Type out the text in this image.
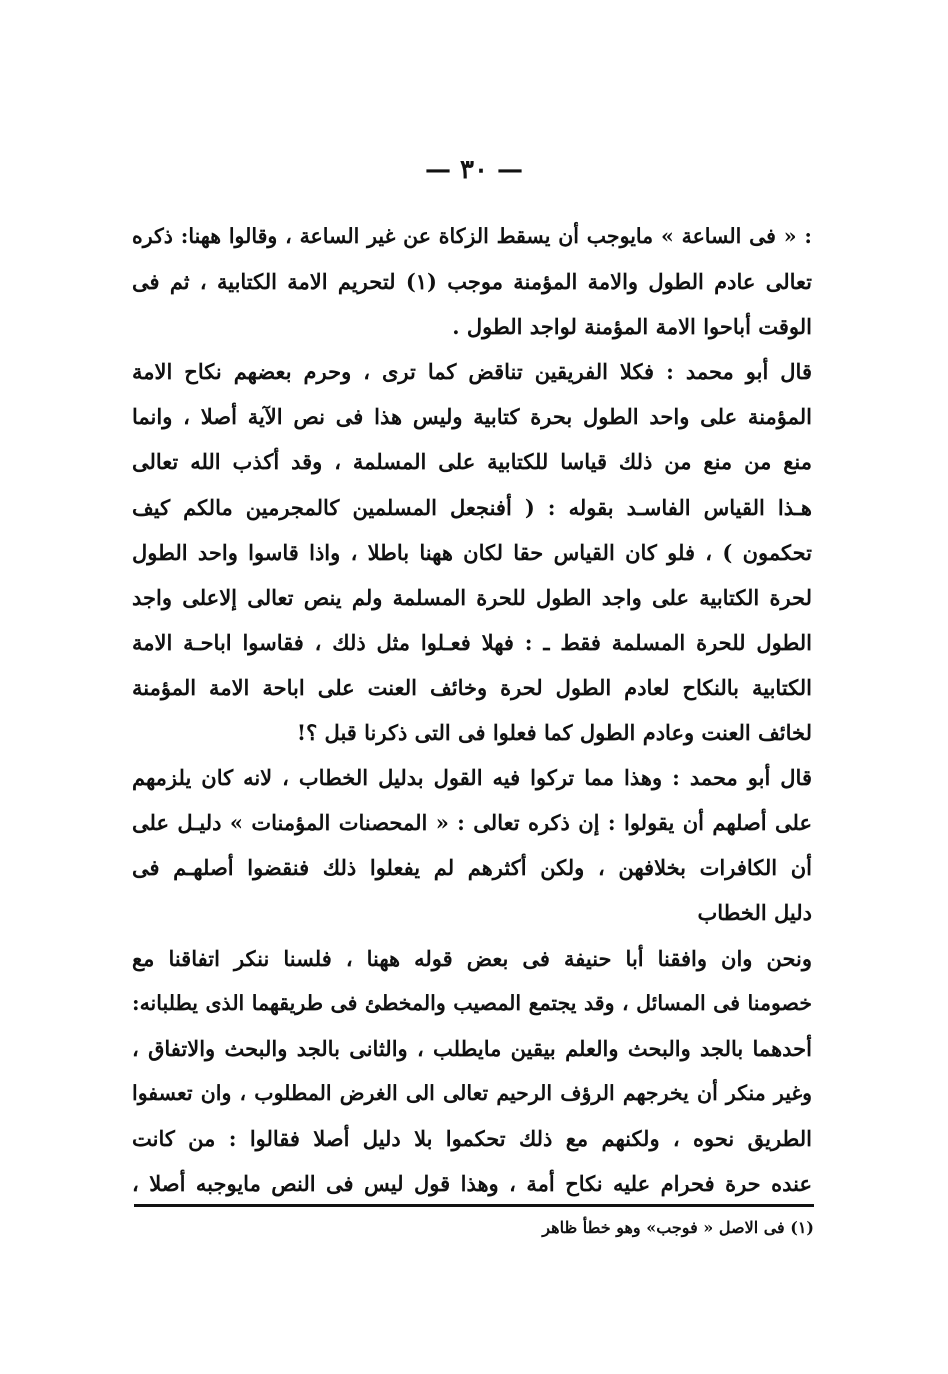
— ٣٠ —
: « فى الساعة » مايوجب أن يسقط الزكاة عن غير الساعة ، وقالوا ههنا: ذكره
تعالى عادم الطول والامة المؤمنة موجب (١) لتحريم الامة الكتابية ، ثم فى
الوقت أباحوا الامة المؤمنة لواجد الطول .
قال أبو محمد : فكلا الفريقين تناقض كما ترى ، وحرم بعضهم نكاح الامة
المؤمنة على واحد الطول بحرة كتابية وليس هذا فى نص الآية أصلا ، وانما
منع من منع من ذلك قياسا للكتابية على المسلمة ، وقد أكذب الله تعالى
هـذا القياس الفاسـد بقوله : ( أفنجعل المسلمين كالمجرمين مالكم كيف
تحكمون ) ، فلو كان القياس حقا لكان ههنا باطلا ، واذا قاسوا واحد الطول
لحرة الكتابية على واجد الطول للحرة المسلمة ولم ينص تعالى إلاعلى واجد
الطول للحرة المسلمة فقط ـ : فهلا فعـلوا مثل ذلك ، فقاسوا اباحـة الامة
الكتابية بالنكاح لعادم الطول لحرة وخائف العنت على اباحة الامة المؤمنة
لخائف العنت وعادم الطول كما فعلوا فى التى ذكرنا قبل ؟!
قال أبو محمد : وهذا مما تركوا فيه القول بدليل الخطاب ، لانه كان يلزمهم
على أصلهم أن يقولوا : إن ذكره تعالى : « المحصنات المؤمنات » دليـل على
أن الكافرات بخلافهن ، ولكن أكثرهم لم يفعلوا ذلك فنقضوا أصلهـم فى
دليل الخطاب
ونحن وان وافقنا أبا حنيفة فى بعض قوله ههنا ، فلسنا ننكر اتفاقنا مع
خصومنا فى المسائل ، وقد يجتمع المصيب والمخطئ فى طريقهما الذى يطلبانه:
أحدهما بالجد والبحث والعلم بيقين مايطلب ، والثانى بالجد والبحث والاتفاق ،
وغير منكر أن يخرجهم الرؤف الرحيم تعالى الى الغرض المطلوب ، وان تعسفوا
الطريق نحوه ، ولكنهم مع ذلك تحكموا بلا دليل أصلا فقالوا : من كانت
عنده حرة فحرام عليه نكاح أمة ، وهذا قول ليس فى النص مايوجبه أصلا ،
(١) فى الاصل « فوجب» وهو خطأ ظاهر
